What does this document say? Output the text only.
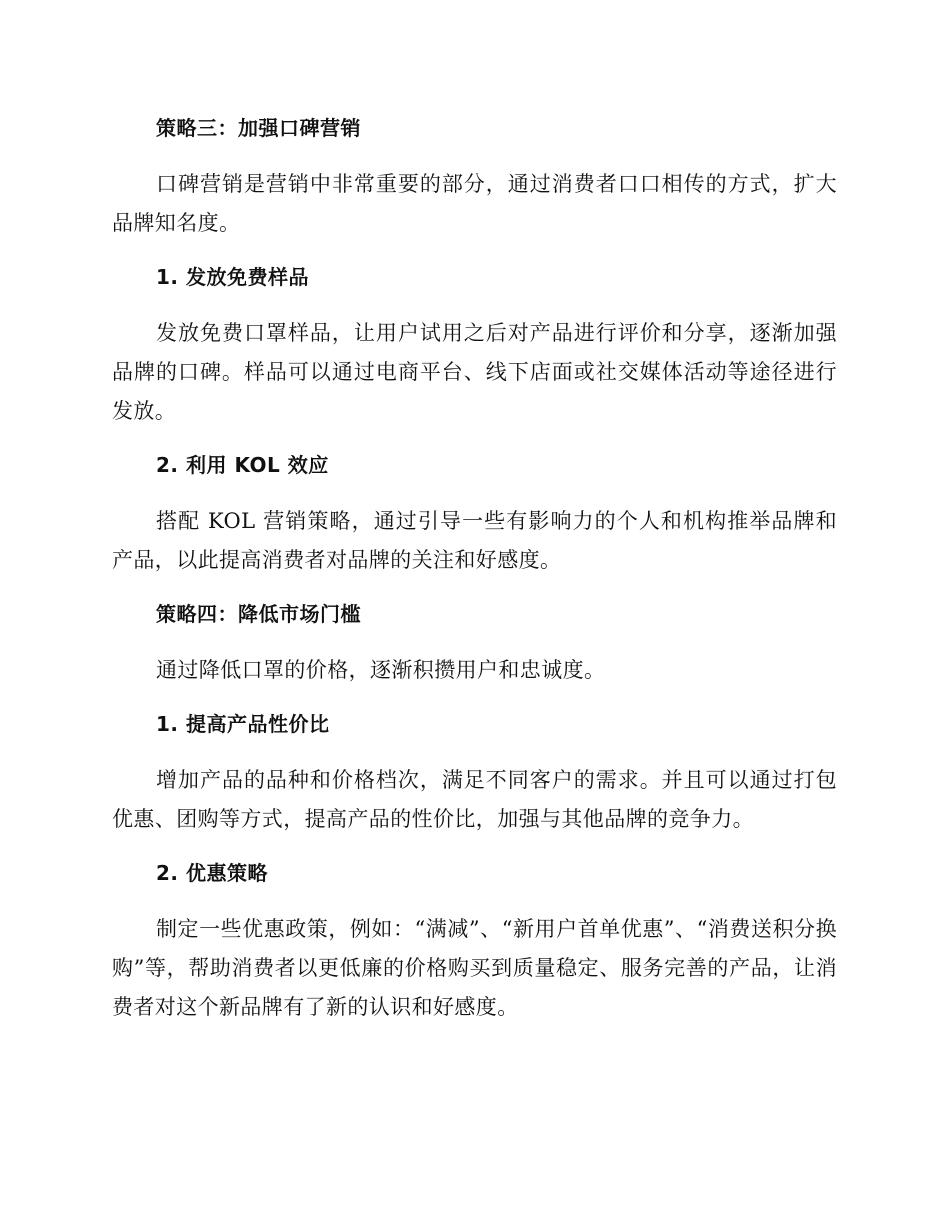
策略三：加强口碑营销

口碑营销是营销中非常重要的部分，通过消费者口口相传的方式，扩大品牌知名度。

1. 发放免费样品

发放免费口罩样品，让用户试用之后对产品进行评价和分享，逐渐加强品牌的口碑。样品可以通过电商平台、线下店面或社交媒体活动等途径进行发放。

2. 利用 KOL 效应

搭配 KOL 营销策略，通过引导一些有影响力的个人和机构推举品牌和产品，以此提高消费者对品牌的关注和好感度。

策略四：降低市场门槛

通过降低口罩的价格，逐渐积攒用户和忠诚度。

1. 提高产品性价比

增加产品的品种和价格档次，满足不同客户的需求。并且可以通过打包优惠、团购等方式，提高产品的性价比，加强与其他品牌的竞争力。

2. 优惠策略

制定一些优惠政策，例如：“满减”、“新用户首单优惠”、“消费送积分换购”等，帮助消费者以更低廉的价格购买到质量稳定、服务完善的产品，让消费者对这个新品牌有了新的认识和好感度。
